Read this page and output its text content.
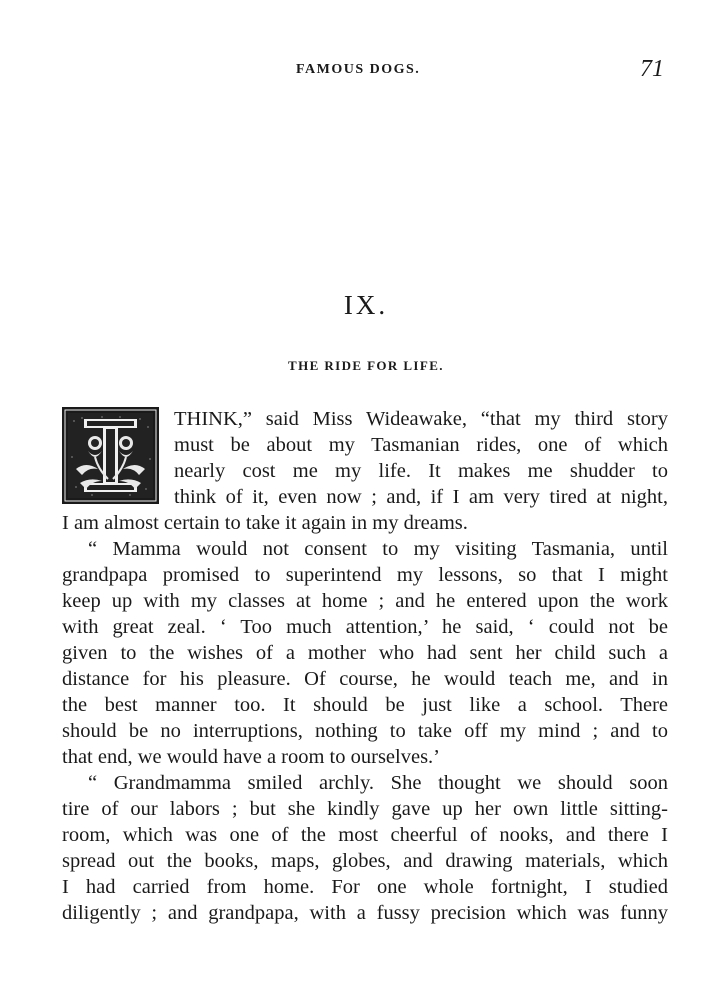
FAMOUS DOGS.	71
IX.
THE RIDE FOR LIFE.
THINK,” said Miss Wideawake, “that my third story
must be about my Tasmanian rides, one of which
nearly cost me my life. It makes me shudder to
think of it, even now ; and, if I am very tired at night,
I am almost certain to take it again in my dreams.
“ Mamma would not consent to my visiting Tasmania, until
grandpapa promised to superintend my lessons, so that I might
keep up with my classes at home ; and he entered upon the work
with great zeal. ‘ Too much attention,’ he said, ‘ could not be
given to the wishes of a mother who had sent her child such a
distance for his pleasure. Of course, he would teach me, and in
the best manner too. It should be just like a school. There
should be no interruptions, nothing to take off my mind ; and to
that end, we would have a room to ourselves.’
“ Grandmamma smiled archly. She thought we should soon
tire of our labors ; but she kindly gave up her own little sitting-
room, which was one of the most cheerful of nooks, and there I
spread out the books, maps, globes, and drawing materials, which
I had carried from home. For one whole fortnight, I studied
diligently ; and grandpapa, with a fussy precision which was funny
